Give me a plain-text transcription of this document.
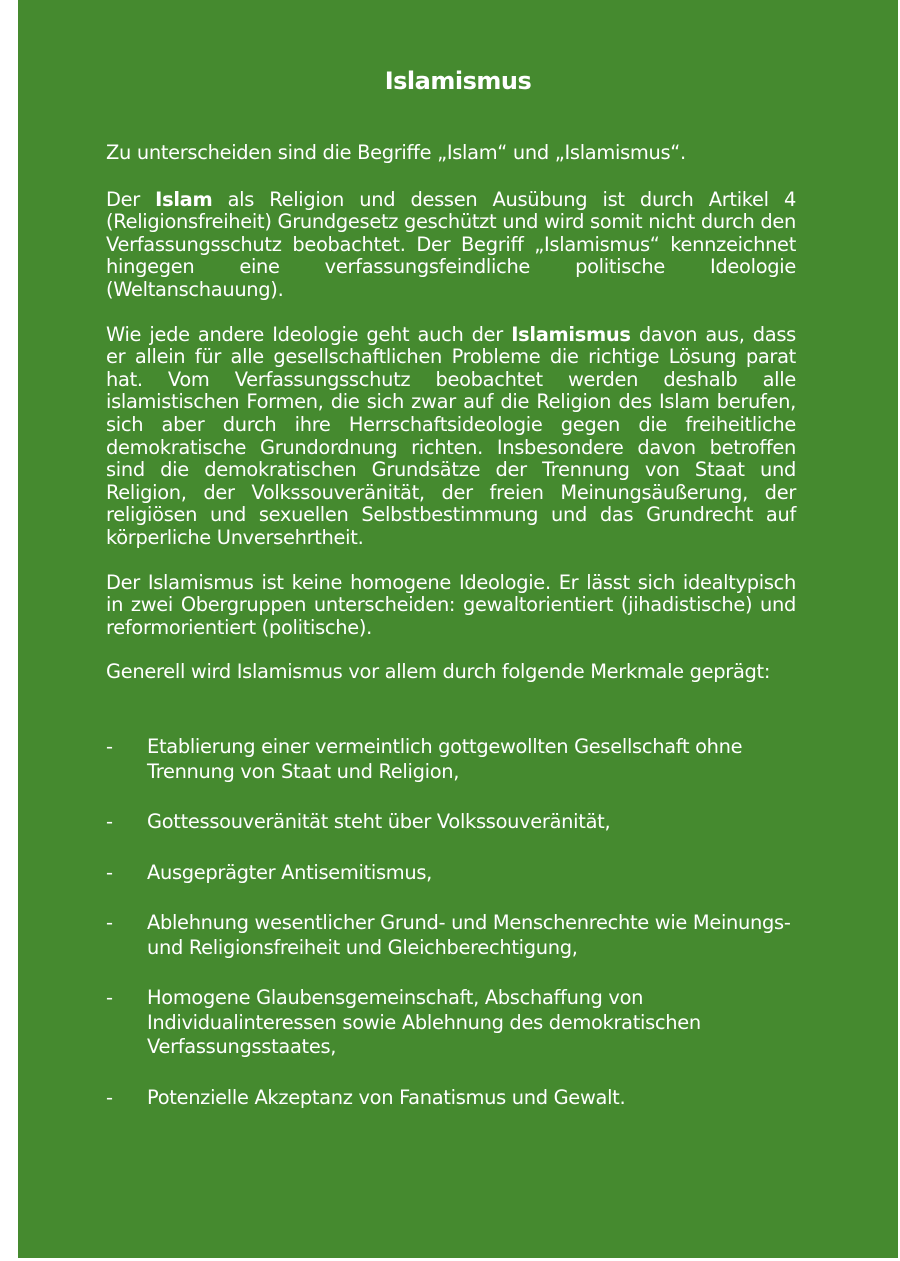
Islamismus

Zu unterscheiden sind die Begriffe „Islam“ und „Islamismus“.

Der Islam als Religion und dessen Ausübung ist durch Artikel 4 (Religionsfreiheit) Grundgesetz geschützt und wird somit nicht durch den Verfassungsschutz beobachtet. Der Begriff „Islamismus“ kennzeichnet hingegen eine verfassungsfeindliche politische Ideologie (Weltanschauung).

Wie jede andere Ideologie geht auch der Islamismus davon aus, dass er allein für alle gesellschaftlichen Probleme die richtige Lösung parat hat. Vom Verfassungsschutz beobachtet werden deshalb alle islamistischen Formen, die sich zwar auf die Religion des Islam berufen, sich aber durch ihre Herrschaftsideologie gegen die freiheitliche demokratische Grundordnung richten. Insbesondere davon betroffen sind die demokratischen Grundsätze der Trennung von Staat und Religion, der Volkssouveränität, der freien Meinungsäußerung, der religiösen und sexuellen Selbstbestimmung und das Grundrecht auf körperliche Unversehrtheit.

Der Islamismus ist keine homogene Ideologie. Er lässt sich idealtypisch in zwei Obergruppen unterscheiden: gewaltorientiert (jihadistische) und reformorientiert (politische).

Generell wird Islamismus vor allem durch folgende Merkmale geprägt:

- Etablierung einer vermeintlich gottgewollten Gesellschaft ohne Trennung von Staat und Religion,
- Gottessouveränität steht über Volkssouveränität,
- Ausgeprägter Antisemitismus,
- Ablehnung wesentlicher Grund- und Menschenrechte wie Meinungs- und Religionsfreiheit und Gleichberechtigung,
- Homogene Glaubensgemeinschaft, Abschaffung von Individualinteressen sowie Ablehnung des demokratischen Verfassungsstaates,
- Potenzielle Akzeptanz von Fanatismus und Gewalt.
